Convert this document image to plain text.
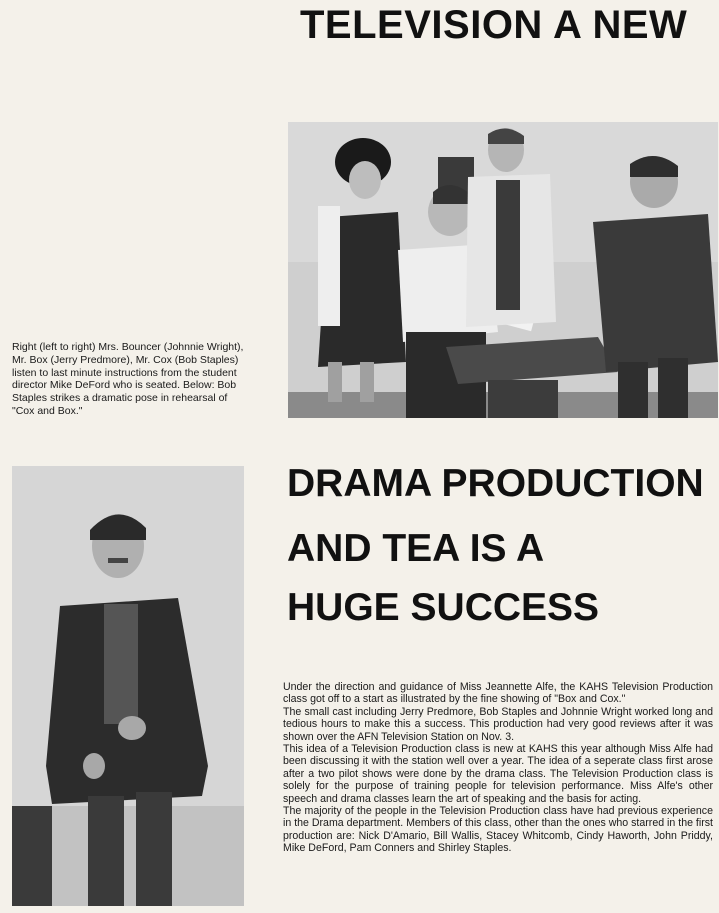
TELEVISION A NEW
Right (left to right) Mrs. Bouncer (Johnnie Wright), Mr. Box (Jerry Predmore), Mr. Cox (Bob Staples) listen to last minute instructions from the student director Mike DeFord who is seated. Below: Bob Staples strikes a dramatic pose in rehearsal of "Cox and Box."
DRAMA PRODUCTION
AND TEA IS A
HUGE SUCCESS

Under the direction and guidance of Miss Jeannette Alfe, the KAHS Television Production class got off to a start as illustrated by the fine showing of "Box and Cox."

The small cast including Jerry Predmore, Bob Staples and Johnnie Wright worked long and tedious hours to make this a success. This production had very good reviews after it was shown over the AFN Television Station on Nov. 3.

This idea of a Television Production class is new at KAHS this year although Miss Alfe had been discussing it with the station well over a year. The idea of a seperate class first arose after a two pilot shows were done by the drama class. The Television Production class is solely for the purpose of training people for television performance. Miss Alfe's other speech and drama classes learn the art of speaking and the basis for acting.

The majority of the people in the Television Production class have had previous experience in the Drama department. Members of this class, other than the ones who starred in the first production are: Nick D'Amario, Bill Wallis, Stacey Whitcomb, Cindy Haworth, John Priddy, Mike DeFord, Pam Conners and Shirley Staples.
